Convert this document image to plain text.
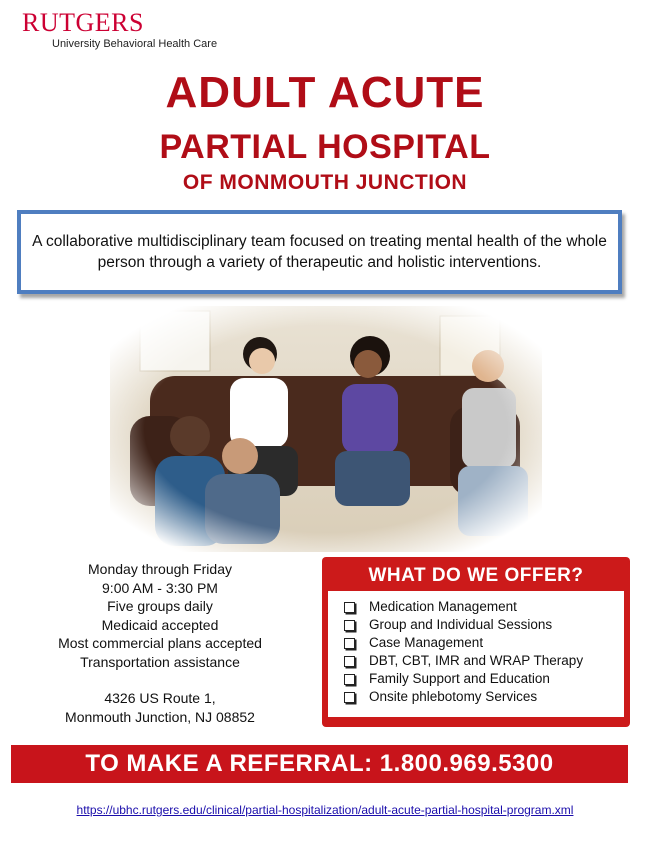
RUTGERS
University Behavioral Health Care
ADULT ACUTE
PARTIAL HOSPITAL
OF MONMOUTH JUNCTION
A collaborative multidisciplinary team focused on treating mental health of the whole person through a variety of therapeutic and holistic interventions.
Monday through Friday
9:00 AM - 3:30 PM
Five groups daily
Medicaid accepted
Most commercial plans accepted
Transportation assistance
4326 US Route 1,
Monmouth Junction, NJ 08852
WHAT DO WE OFFER?
Medication Management
Group and Individual Sessions
Case Management
DBT, CBT, IMR and WRAP Therapy
Family Support and Education
Onsite phlebotomy Services
TO MAKE A REFERRAL: 1.800.969.5300
https://ubhc.rutgers.edu/clinical/partial-hospitalization/adult-acute-partial-hospital-program.xml
